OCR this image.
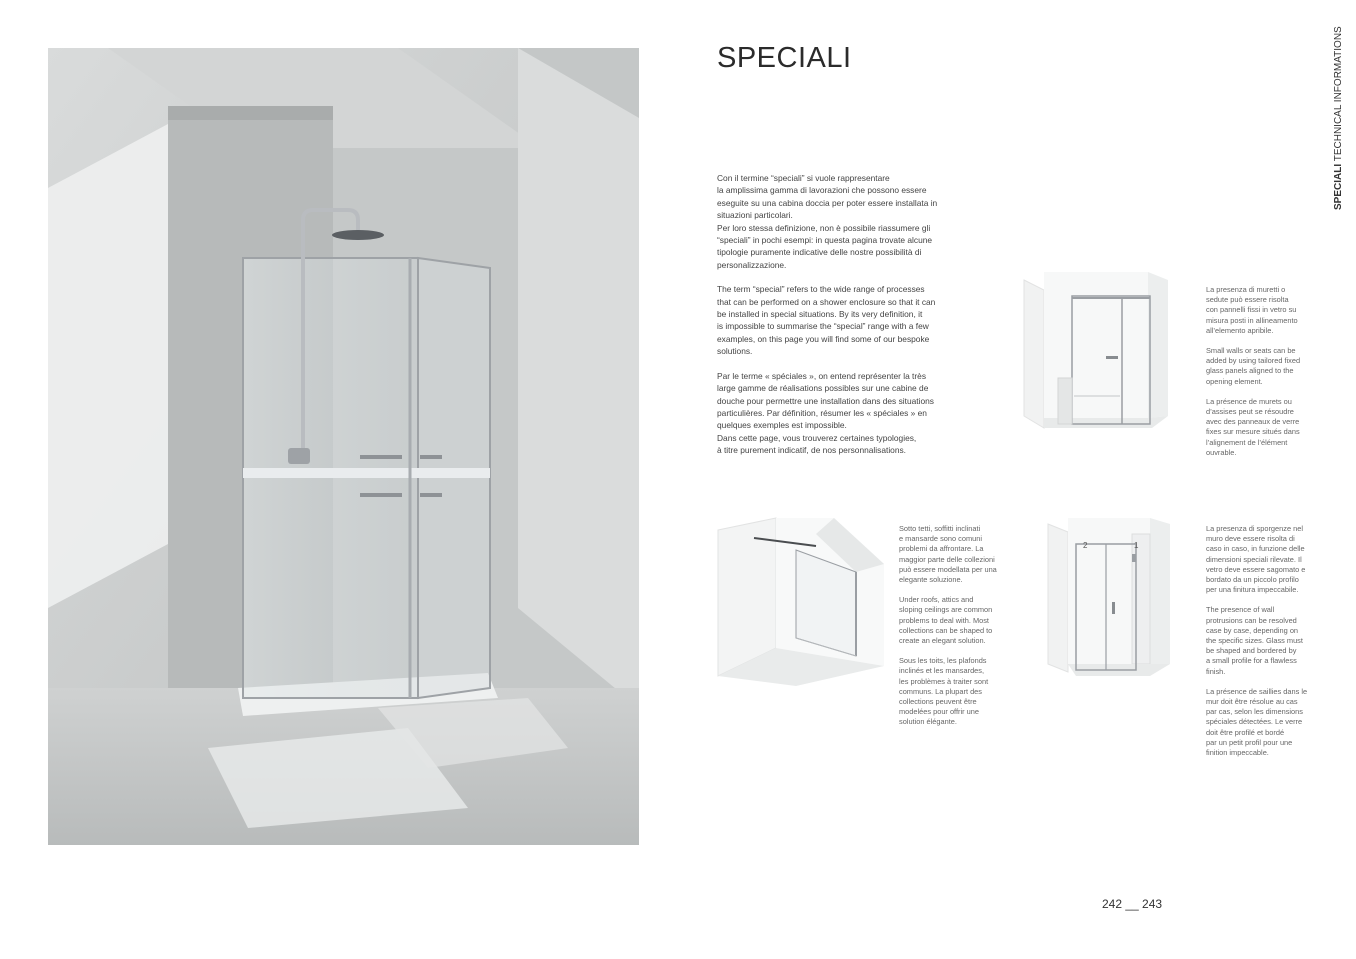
SPECIALI
SPECIALI TECHNICAL INFORMATIONS

Con il termine “speciali” si vuole rappresentare
la amplissima gamma di lavorazioni che possono essere
eseguite su una cabina doccia per poter essere installata in
situazioni particolari.
Per loro stessa definizione, non è possibile riassumere gli
“speciali” in pochi esempi: in questa pagina trovate alcune
tipologie puramente indicative delle nostre possibilità di
personalizzazione.

The term “special” refers to the wide range of processes
that can be performed on a shower enclosure so that it can
be installed in special situations. By its very definition, it
is impossible to summarise the “special” range with a few
examples, on this page you will find some of our bespoke
solutions.

Par le terme « spéciales », on entend représenter la très
large gamme de réalisations possibles sur une cabine de
douche pour permettre une installation dans des situations
particulières. Par définition, résumer les « spéciales » en
quelques exemples est impossible.
Dans cette page, vous trouverez certaines typologies,
à titre purement indicatif, de nos personnalisations.

La presenza di muretti o
sedute può essere risolta
con pannelli fissi in vetro su
misura posti in allineamento
all’elemento apribile.

Small walls or seats can be
added by using tailored fixed
glass panels aligned to the
opening element.

La présence de murets ou
d’assises peut se résoudre
avec des panneaux de verre
fixes sur mesure situés dans
l’alignement de l’élément
ouvrable.

Sotto tetti, soffitti inclinati
e mansarde sono comuni
problemi da affrontare. La
maggior parte delle collezioni
può essere modellata per una
elegante soluzione.

Under roofs, attics and
sloping ceilings are common
problems to deal with. Most
collections can be shaped to
create an elegant solution.

Sous les toits, les plafonds
inclinés et les mansardes,
les problèmes à traiter sont
communs. La plupart des
collections peuvent être
modelées pour offrir une
solution élégante.

2	1

La presenza di sporgenze nel
muro deve essere risolta di
caso in caso, in funzione delle
dimensioni speciali rilevate. Il
vetro deve essere sagomato e
bordato da un piccolo profilo
per una finitura impeccabile.

The presence of wall
protrusions can be resolved
case by case, depending on
the specific sizes. Glass must
be shaped and bordered by
a small profile for a flawless
finish.

La présence de saillies dans le
mur doit être résolue au cas
par cas, selon les dimensions
spéciales détectées. Le verre
doit être profilé et bordé
par un petit profil pour une
finition impeccable.

242 __ 243
